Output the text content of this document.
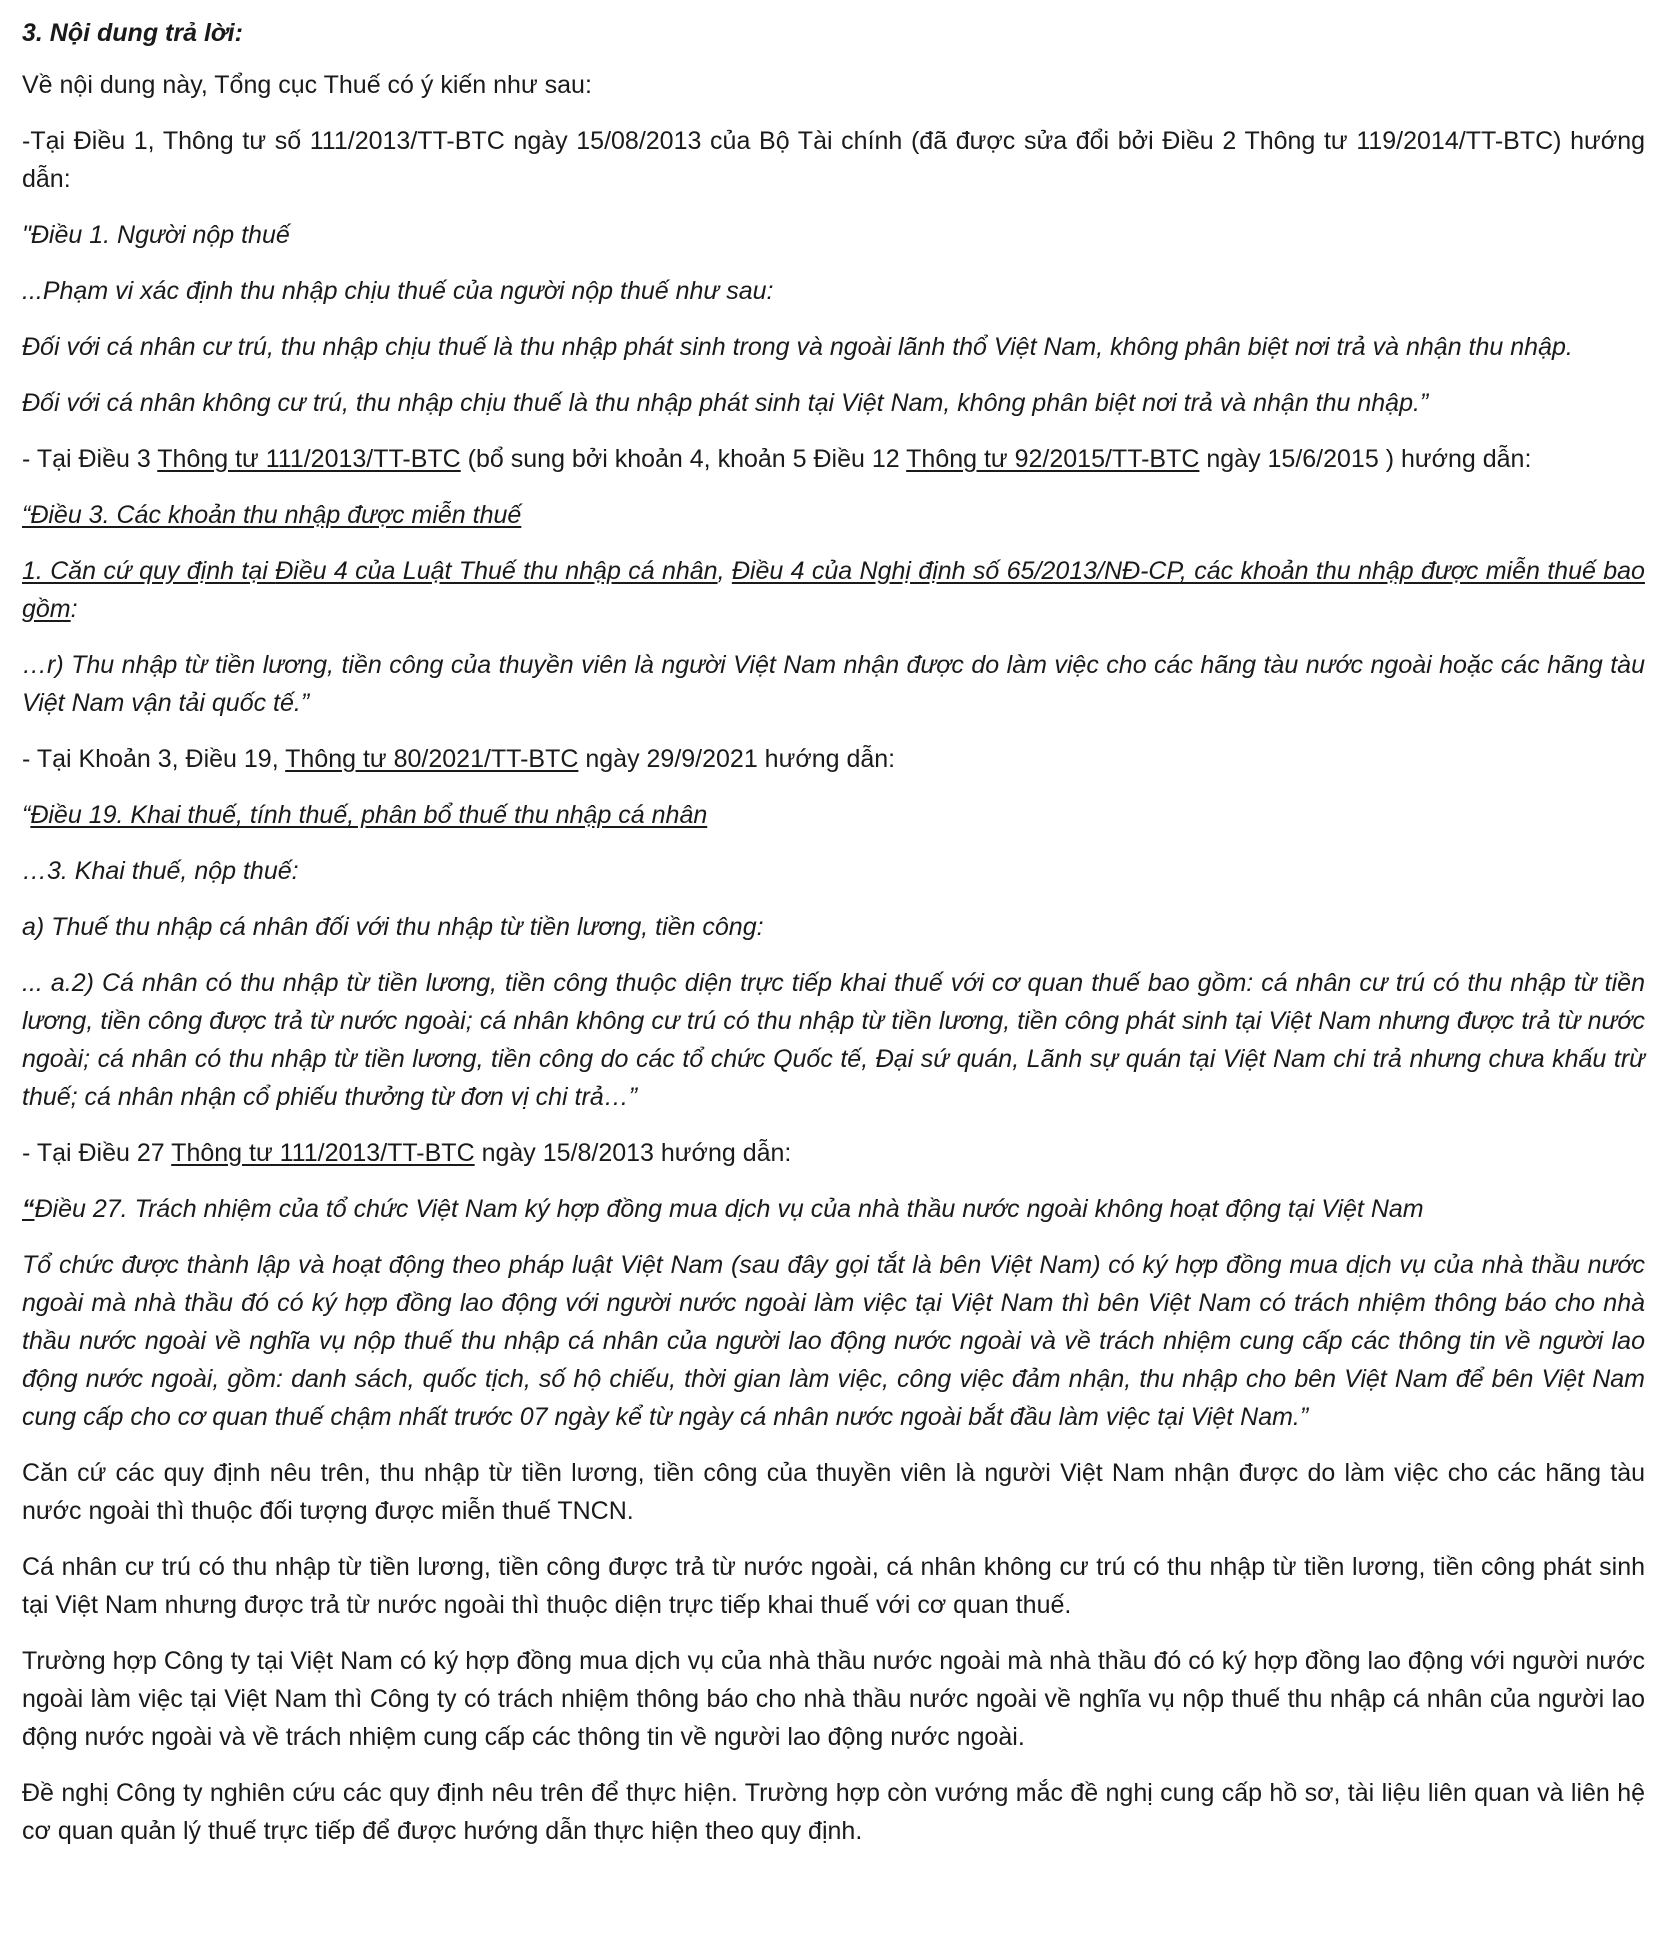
3. Nội dung trả lời:

Về nội dung này, Tổng cục Thuế có ý kiến như sau:

-Tại Điều 1, Thông tư số 111/2013/TT-BTC ngày 15/08/2013 của Bộ Tài chính (đã được sửa đổi bởi Điều 2 Thông tư 119/2014/TT-BTC) hướng dẫn:

"Điều 1. Người nộp thuế

...Phạm vi xác định thu nhập chịu thuế của người nộp thuế như sau:

Đối với cá nhân cư trú, thu nhập chịu thuế là thu nhập phát sinh trong và ngoài lãnh thổ Việt Nam, không phân biệt nơi trả và nhận thu nhập.

Đối với cá nhân không cư trú, thu nhập chịu thuế là thu nhập phát sinh tại Việt Nam, không phân biệt nơi trả và nhận thu nhập.”

- Tại Điều 3 Thông tư 111/2013/TT-BTC (bổ sung bởi khoản 4, khoản 5 Điều 12 Thông tư 92/2015/TT-BTC ngày 15/6/2015 ) hướng dẫn:

“Điều 3. Các khoản thu nhập được miễn thuế

1. Căn cứ quy định tại Điều 4 của Luật Thuế thu nhập cá nhân, Điều 4 của Nghị định số 65/2013/NĐ-CP, các khoản thu nhập được miễn thuế bao gồm:

…r) Thu nhập từ tiền lương, tiền công của thuyền viên là người Việt Nam nhận được do làm việc cho các hãng tàu nước ngoài hoặc các hãng tàu Việt Nam vận tải quốc tế.”

- Tại Khoản 3, Điều 19, Thông tư 80/2021/TT-BTC ngày 29/9/2021 hướng dẫn:

“Điều 19. Khai thuế, tính thuế, phân bổ thuế thu nhập cá nhân

…3. Khai thuế, nộp thuế:

a) Thuế thu nhập cá nhân đối với thu nhập từ tiền lương, tiền công:

... a.2) Cá nhân có thu nhập từ tiền lương, tiền công thuộc diện trực tiếp khai thuế với cơ quan thuế bao gồm: cá nhân cư trú có thu nhập từ tiền lương, tiền công được trả từ nước ngoài; cá nhân không cư trú có thu nhập từ tiền lương, tiền công phát sinh tại Việt Nam nhưng được trả từ nước ngoài; cá nhân có thu nhập từ tiền lương, tiền công do các tổ chức Quốc tế, Đại sứ quán, Lãnh sự quán tại Việt Nam chi trả nhưng chưa khấu trừ thuế; cá nhân nhận cổ phiếu thưởng từ đơn vị chi trả…”

- Tại Điều 27 Thông tư 111/2013/TT-BTC ngày 15/8/2013 hướng dẫn:

“Điều 27. Trách nhiệm của tổ chức Việt Nam ký hợp đồng mua dịch vụ của nhà thầu nước ngoài không hoạt động tại Việt Nam

Tổ chức được thành lập và hoạt động theo pháp luật Việt Nam (sau đây gọi tắt là bên Việt Nam) có ký hợp đồng mua dịch vụ của nhà thầu nước ngoài mà nhà thầu đó có ký hợp đồng lao động với người nước ngoài làm việc tại Việt Nam thì bên Việt Nam có trách nhiệm thông báo cho nhà thầu nước ngoài về nghĩa vụ nộp thuế thu nhập cá nhân của người lao động nước ngoài và về trách nhiệm cung cấp các thông tin về người lao động nước ngoài, gồm: danh sách, quốc tịch, số hộ chiếu, thời gian làm việc, công việc đảm nhận, thu nhập cho bên Việt Nam để bên Việt Nam cung cấp cho cơ quan thuế chậm nhất trước 07 ngày kể từ ngày cá nhân nước ngoài bắt đầu làm việc tại Việt Nam.”

Căn cứ các quy định nêu trên, thu nhập từ tiền lương, tiền công của thuyền viên là người Việt Nam nhận được do làm việc cho các hãng tàu nước ngoài thì thuộc đối tượng được miễn thuế TNCN.

Cá nhân cư trú có thu nhập từ tiền lương, tiền công được trả từ nước ngoài, cá nhân không cư trú có thu nhập từ tiền lương, tiền công phát sinh tại Việt Nam nhưng được trả từ nước ngoài thì thuộc diện trực tiếp khai thuế với cơ quan thuế.

Trường hợp Công ty tại Việt Nam có ký hợp đồng mua dịch vụ của nhà thầu nước ngoài mà nhà thầu đó có ký hợp đồng lao động với người nước ngoài làm việc tại Việt Nam thì Công ty có trách nhiệm thông báo cho nhà thầu nước ngoài về nghĩa vụ nộp thuế thu nhập cá nhân của người lao động nước ngoài và về trách nhiệm cung cấp các thông tin về người lao động nước ngoài.

Đề nghị Công ty nghiên cứu các quy định nêu trên để thực hiện. Trường hợp còn vướng mắc đề nghị cung cấp hồ sơ, tài liệu liên quan và liên hệ cơ quan quản lý thuế trực tiếp để được hướng dẫn thực hiện theo quy định.
